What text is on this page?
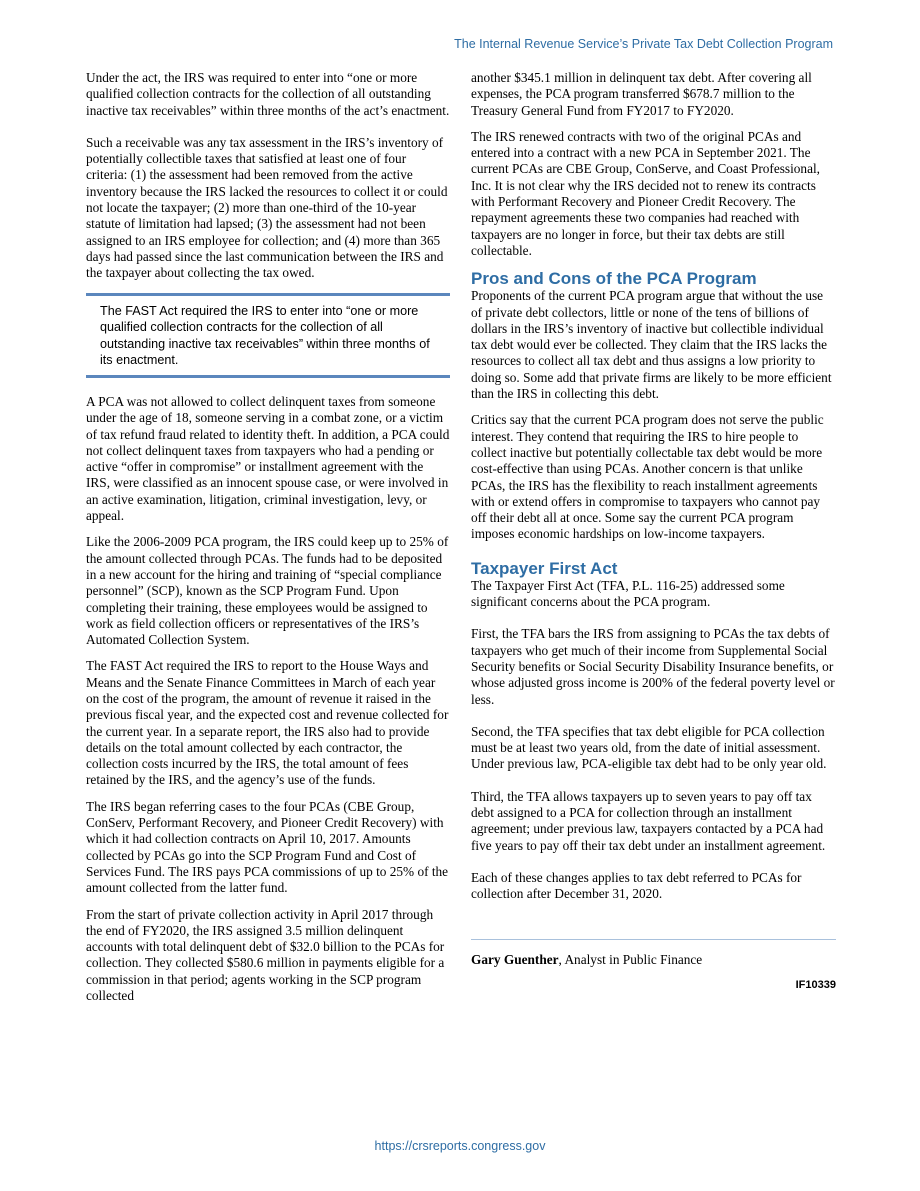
The Internal Revenue Service’s Private Tax Debt Collection Program

Under the act, the IRS was required to enter into “one or more qualified collection contracts for the collection of all outstanding inactive tax receivables” within three months of the act’s enactment.

Such a receivable was any tax assessment in the IRS’s inventory of potentially collectible taxes that satisfied at least one of four criteria: (1) the assessment had been removed from the active inventory because the IRS lacked the resources to collect it or could not locate the taxpayer; (2) more than one-third of the 10-year statute of limitation had lapsed; (3) the assessment had not been assigned to an IRS employee for collection; and (4) more than 365 days had passed since the last communication between the IRS and the taxpayer about collecting the tax owed.

The FAST Act required the IRS to enter into “one or more qualified collection contracts for the collection of all outstanding inactive tax receivables” within three months of its enactment.

A PCA was not allowed to collect delinquent taxes from someone under the age of 18, someone serving in a combat zone, or a victim of tax refund fraud related to identity theft. In addition, a PCA could not collect delinquent taxes from taxpayers who had a pending or active “offer in compromise” or installment agreement with the IRS, were classified as an innocent spouse case, or were involved in an active examination, litigation, criminal investigation, levy, or appeal.

Like the 2006-2009 PCA program, the IRS could keep up to 25% of the amount collected through PCAs. The funds had to be deposited in a new account for the hiring and training of “special compliance personnel” (SCP), known as the SCP Program Fund. Upon completing their training, these employees would be assigned to work as field collection officers or representatives of the IRS’s Automated Collection System.

The FAST Act required the IRS to report to the House Ways and Means and the Senate Finance Committees in March of each year on the cost of the program, the amount of revenue it raised in the previous fiscal year, and the expected cost and revenue collected for the current year. In a separate report, the IRS also had to provide details on the total amount collected by each contractor, the collection costs incurred by the IRS, the total amount of fees retained by the IRS, and the agency’s use of the funds.

The IRS began referring cases to the four PCAs (CBE Group, ConServ, Performant Recovery, and Pioneer Credit Recovery) with which it had collection contracts on April 10, 2017. Amounts collected by PCAs go into the SCP Program Fund and Cost of Services Fund. The IRS pays PCA commissions of up to 25% of the amount collected from the latter fund.

From the start of private collection activity in April 2017 through the end of FY2020, the IRS assigned 3.5 million delinquent accounts with total delinquent debt of $32.0 billion to the PCAs for collection. They collected $580.6 million in payments eligible for a commission in that period; agents working in the SCP program collected

another $345.1 million in delinquent tax debt. After covering all expenses, the PCA program transferred $678.7 million to the Treasury General Fund from FY2017 to FY2020.

The IRS renewed contracts with two of the original PCAs and entered into a contract with a new PCA in September 2021. The current PCAs are CBE Group, ConServe, and Coast Professional, Inc. It is not clear why the IRS decided not to renew its contracts with Performant Recovery and Pioneer Credit Recovery. The repayment agreements these two companies had reached with taxpayers are no longer in force, but their tax debts are still collectable.

Pros and Cons of the PCA Program

Proponents of the current PCA program argue that without the use of private debt collectors, little or none of the tens of billions of dollars in the IRS’s inventory of inactive but collectible individual tax debt would ever be collected. They claim that the IRS lacks the resources to collect all tax debt and thus assigns a low priority to doing so. Some add that private firms are likely to be more efficient than the IRS in collecting this debt.

Critics say that the current PCA program does not serve the public interest. They contend that requiring the IRS to hire people to collect inactive but potentially collectable tax debt would be more cost-effective than using PCAs. Another concern is that unlike PCAs, the IRS has the flexibility to reach installment agreements with or extend offers in compromise to taxpayers who cannot pay off their debt all at once. Some say the current PCA program imposes economic hardships on low-income taxpayers.

Taxpayer First Act

The Taxpayer First Act (TFA, P.L. 116-25) addressed some significant concerns about the PCA program.

First, the TFA bars the IRS from assigning to PCAs the tax debts of taxpayers who get much of their income from Supplemental Social Security benefits or Social Security Disability Insurance benefits, or whose adjusted gross income is 200% of the federal poverty level or less.

Second, the TFA specifies that tax debt eligible for PCA collection must be at least two years old, from the date of initial assessment. Under previous law, PCA-eligible tax debt had to be only year old.

Third, the TFA allows taxpayers up to seven years to pay off tax debt assigned to a PCA for collection through an installment agreement; under previous law, taxpayers contacted by a PCA had five years to pay off their tax debt under an installment agreement.

Each of these changes applies to tax debt referred to PCAs for collection after December 31, 2020.

Gary Guenther, Analyst in Public Finance

IF10339
https://crsreports.congress.gov
